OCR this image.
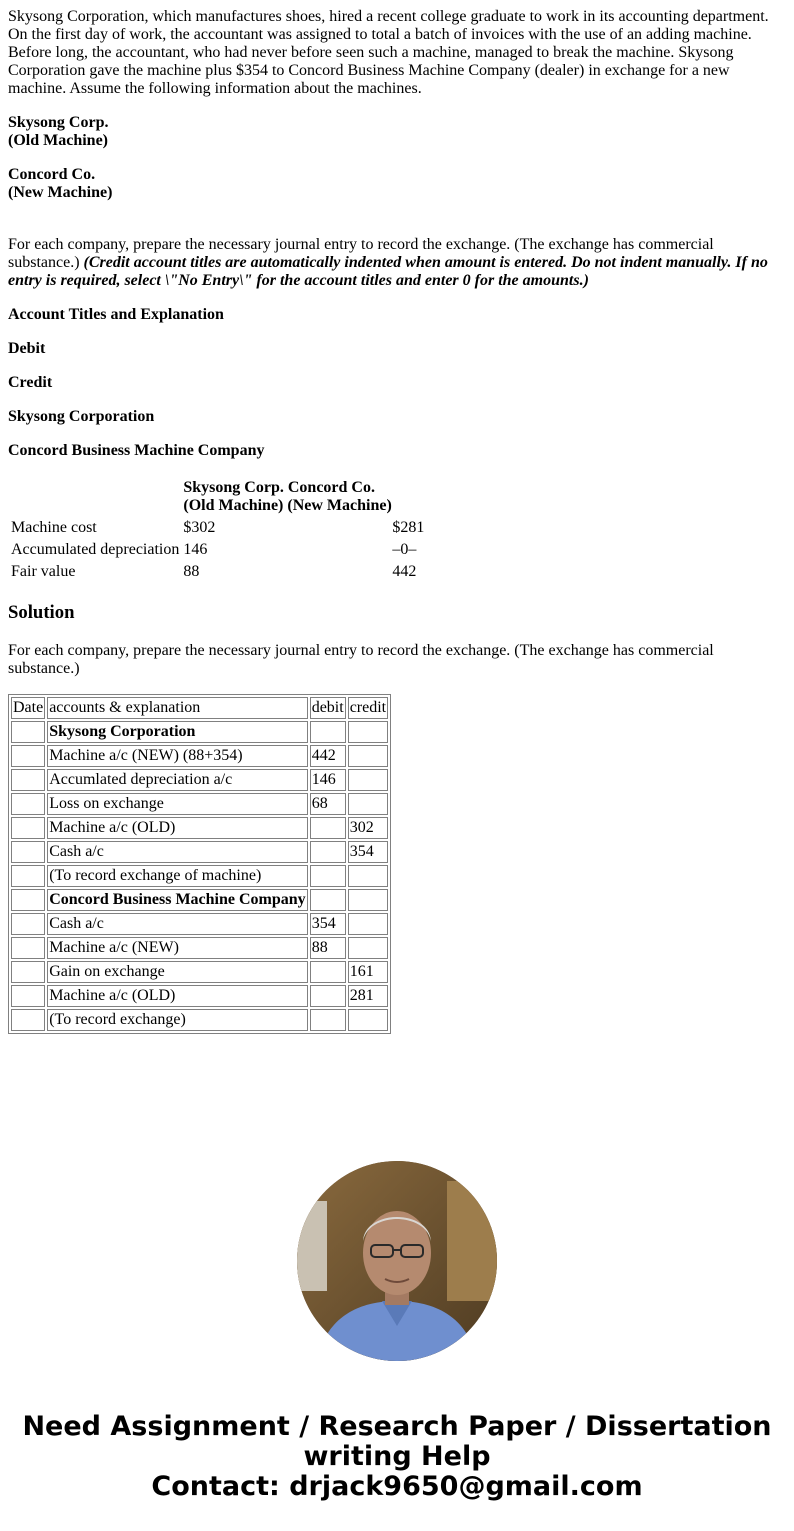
Skysong Corporation, which manufactures shoes, hired a recent college graduate to work in its accounting department. On the first day of work, the accountant was assigned to total a batch of invoices with the use of an adding machine. Before long, the accountant, who had never before seen such a machine, managed to break the machine. Skysong Corporation gave the machine plus $354 to Concord Business Machine Company (dealer) in exchange for a new machine. Assume the following information about the machines.

Skysong Corp.
(Old Machine)

Concord Co.
(New Machine)

For each company, prepare the necessary journal entry to record the exchange. (The exchange has commercial substance.) (Credit account titles are automatically indented when amount is entered. Do not indent manually. If no entry is required, select \"No Entry\" for the account titles and enter 0 for the amounts.)

Account Titles and Explanation

Debit

Credit

Skysong Corporation

Concord Business Machine Company

	Skysong Corp. Concord Co.
(Old Machine) (New Machine)	
Machine cost	$302	$281
Accumulated depreciation	146	–0–
Fair value	88	442
Solution

For each company, prepare the necessary journal entry to record the exchange. (The exchange has commercial substance.)

Date	accounts & explanation	debit	credit
	Skysong Corporation		
	Machine a/c (NEW) (88+354)	442	
	Accumlated depreciation a/c	146	
	Loss on exchange	68	
	Machine a/c (OLD)		302
	Cash a/c		354
	(To record exchange of machine)		
	Concord Business Machine Company		
	Cash a/c	354	
	Machine a/c (NEW)	88	
	Gain on exchange		161
	Machine a/c (OLD)		281
	(To record exchange)		
Need Assignment / Research Paper / Dissertation
writing Help
Contact: drjack9650@gmail.com
